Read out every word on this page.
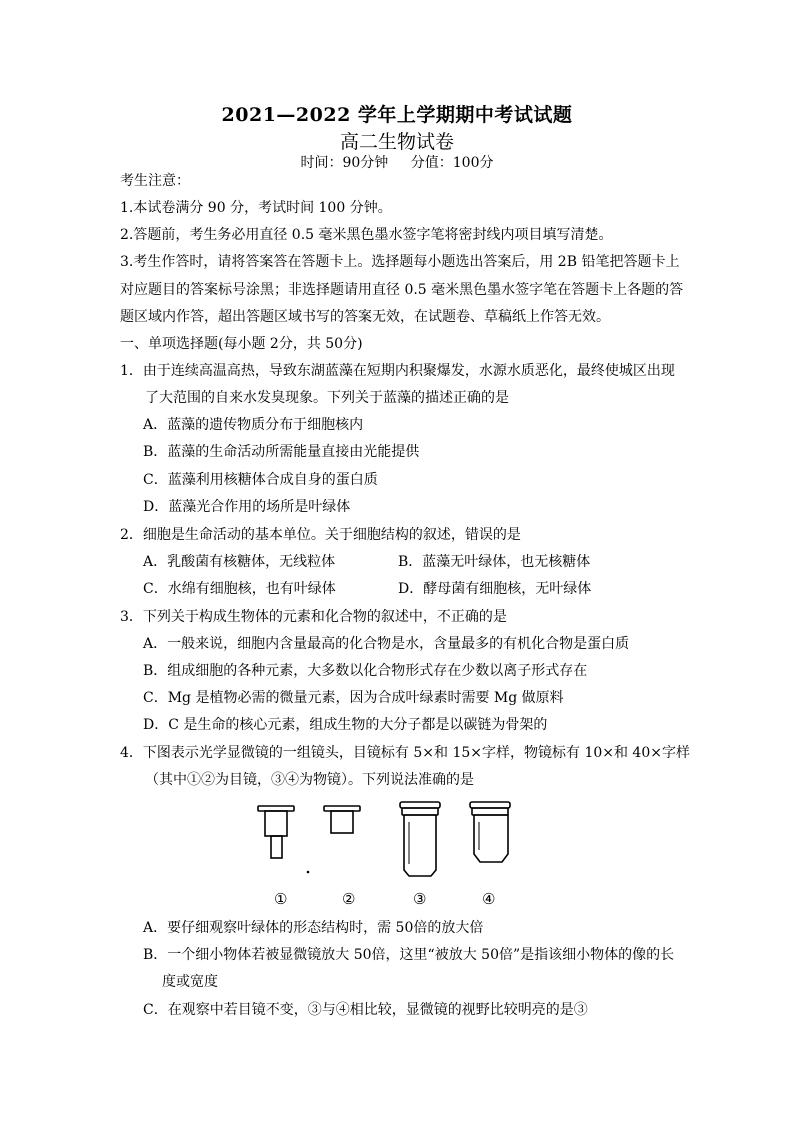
2021—2022 学年上学期期中考试试题
高二生物试卷
时间：90分钟 分值：100分
考生注意：
1.本试卷满分 90 分，考试时间 100 分钟。
2.答题前，考生务必用直径 0.5 毫米黑色墨水签字笔将密封线内项目填写清楚。
3.考生作答时，请将答案答在答题卡上。选择题每小题选出答案后，用 2B 铅笔把答题卡上
对应题目的答案标号涂黑；非选择题请用直径 0.5 毫米黑色墨水签字笔在答题卡上各题的答
题区域内作答，超出答题区域书写的答案无效，在试题卷、草稿纸上作答无效。
一、单项选择题(每小题 2分，共 50分)
1．由于连续高温高热，导致东湖蓝藻在短期内积聚爆发，水源水质恶化，最终使城区出现
了大范围的自来水发臭现象。下列关于蓝藻的描述正确的是
A．蓝藻的遗传物质分布于细胞核内
B．蓝藻的生命活动所需能量直接由光能提供
C．蓝藻利用核糖体合成自身的蛋白质
D．蓝藻光合作用的场所是叶绿体
2．细胞是生命活动的基本单位。关于细胞结构的叙述，错误的是
A．乳酸菌有核糖体，无线粒体	B．蓝藻无叶绿体，也无核糖体
C．水绵有细胞核，也有叶绿体	D．酵母菌有细胞核，无叶绿体
3．下列关于构成生物体的元素和化合物的叙述中，不正确的是
A．一般来说，细胞内含量最高的化合物是水，含量最多的有机化合物是蛋白质
B．组成细胞的各种元素，大多数以化合物形式存在少数以离子形式存在
C．Mg 是植物必需的微量元素，因为合成叶绿素时需要 Mg 做原料
D．C 是生命的核心元素，组成生物的大分子都是以碳链为骨架的
4．下图表示光学显微镜的一组镜头，目镜标有 5×和 15×字样，物镜标有 10×和 40×字样
（其中①②为目镜，③④为物镜）。下列说法准确的是
①	②	③	④
A．要仔细观察叶绿体的形态结构时，需 50倍的放大倍
B．一个细小物体若被显微镜放大 50倍，这里“被放大 50倍”是指该细小物体的像的长
度或宽度
C．在观察中若目镜不变，③与④相比较，显微镜的视野比较明亮的是③
